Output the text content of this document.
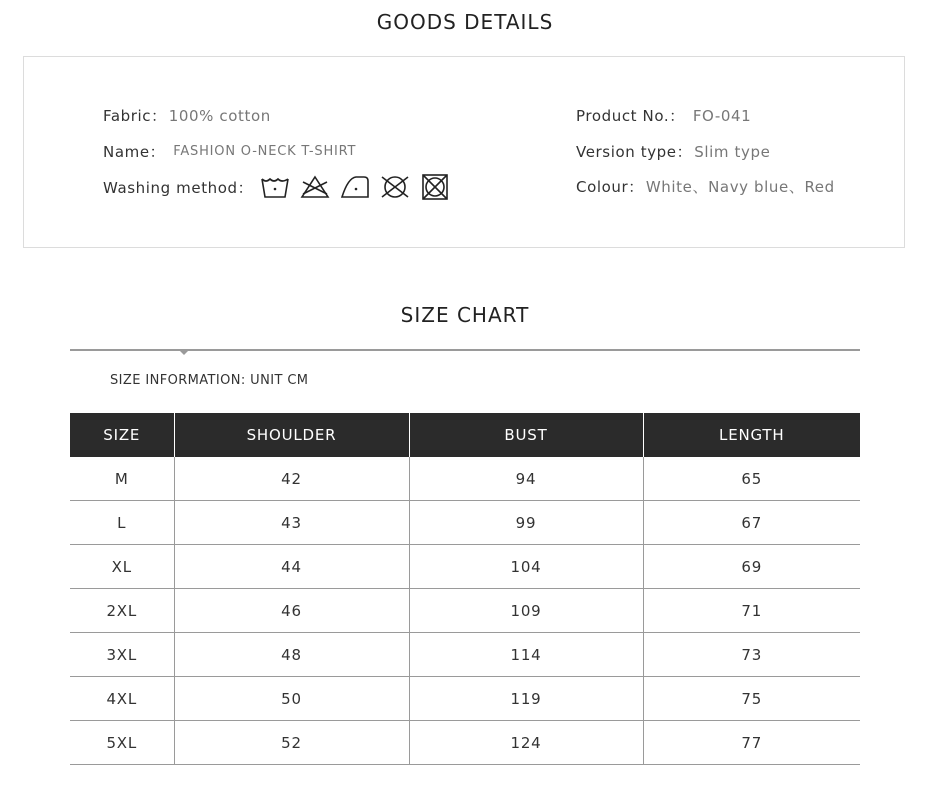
GOODS DETAILS
Fabric： 100% cotton
Name： FASHION O-NECK T-SHIRT
Washing method：
Product No.： FO-041
Version type： Slim type
Colour： White、Navy blue、Red
SIZE CHART
SIZE INFORMATION: UNIT CM
SIZE	SHOULDER	BUST	LENGTH
M	42	94	65
L	43	99	67
XL	44	104	69
2XL	46	109	71
3XL	48	114	73
4XL	50	119	75
5XL	52	124	77
